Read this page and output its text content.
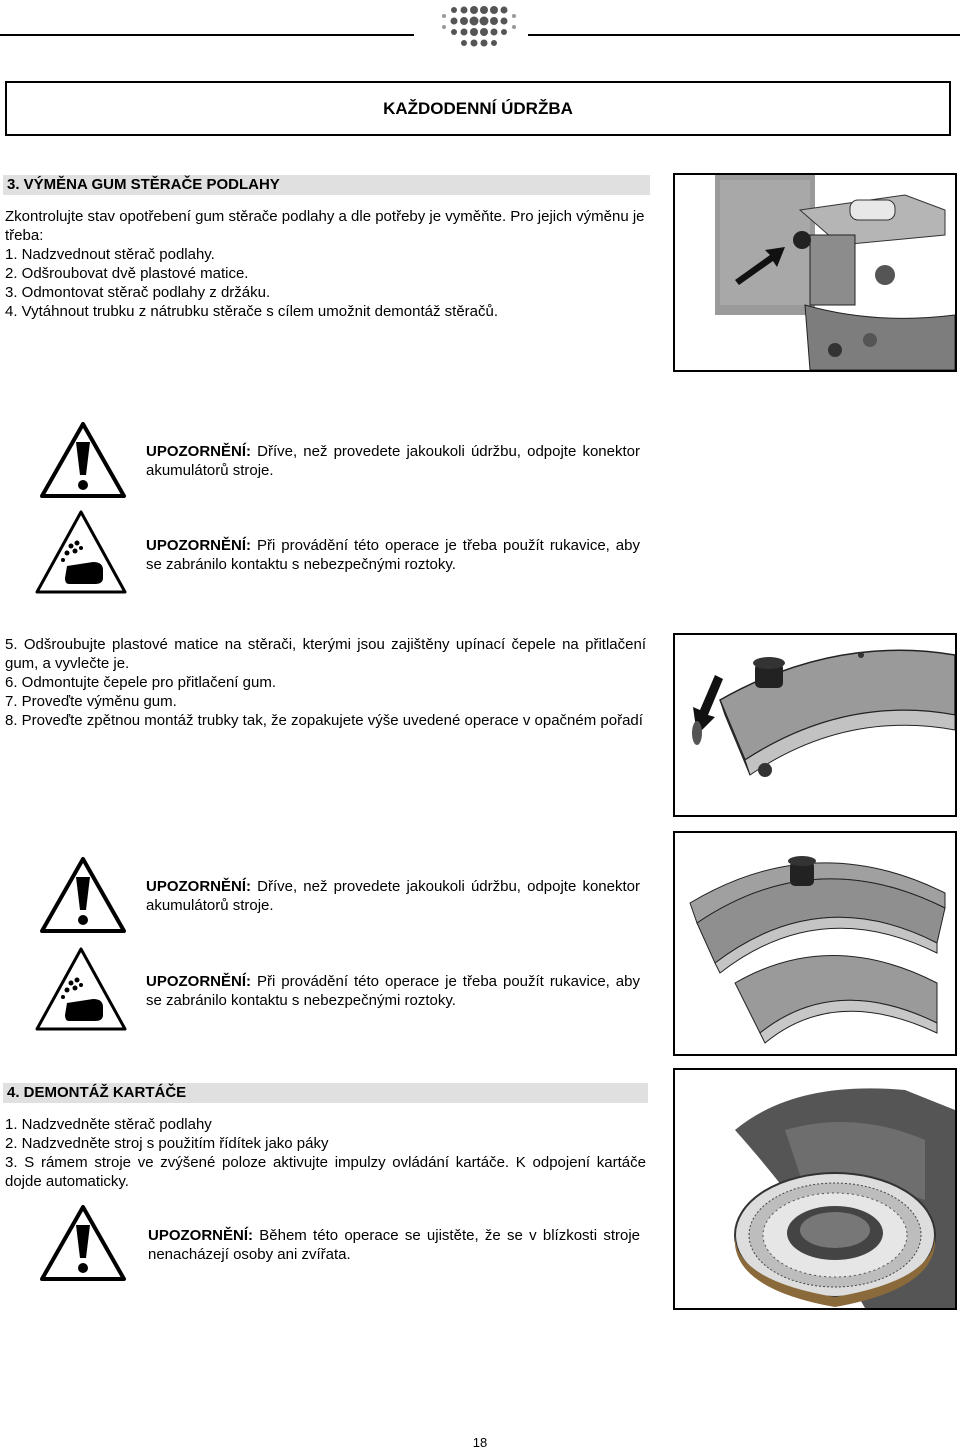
KAŽDODENNÍ ÚDRŽBA
3. VÝMĚNA GUM STĚRAČE PODLAHY

Zkontrolujte stav opotřebení gum stěrače podlahy a dle potřeby je vyměňte. Pro jejich výměnu je třeba:

1. Nadzvednout stěrač podlahy.

2. Odšroubovat dvě plastové matice.

3. Odmontovat stěrač podlahy z držáku.

4. Vytáhnout trubku z nátrubku stěrače s cílem umožnit demontáž stěračů.

UPOZORNĚNÍ: Dříve, než provedete jakoukoli údržbu, odpojte konektor akumulátorů stroje.
UPOZORNĚNÍ: Při provádění této operace je třeba použít rukavice, aby se zabránilo kontaktu s nebezpečnými roztoky.

5. Odšroubujte plastové matice na stěrači, kterými jsou zajištěny upínací čepele na přitlačení gum, a vyvlečte je.

6. Odmontujte čepele pro přitlačení gum.

7. Proveďte výměnu gum.

8. Proveďte zpětnou montáž trubky tak, že zopakujete výše uvedené operace v opačném pořadí

UPOZORNĚNÍ: Dříve, než provedete jakoukoli údržbu, odpojte konektor akumulátorů stroje.
UPOZORNĚNÍ: Při provádění této operace je třeba použít rukavice, aby se zabránilo kontaktu s nebezpečnými roztoky.
4. DEMONTÁŽ KARTÁČE

1. Nadzvedněte stěrač podlahy

2. Nadzvedněte stroj s použitím řídítek jako páky

3. S rámem stroje ve zvýšené poloze aktivujte impulzy ovládání kartáče. K odpojení kartáče dojde automaticky.

UPOZORNĚNÍ: Během této operace se ujistěte, že se v blízkosti stroje nenacházejí osoby ani zvířata.
18
